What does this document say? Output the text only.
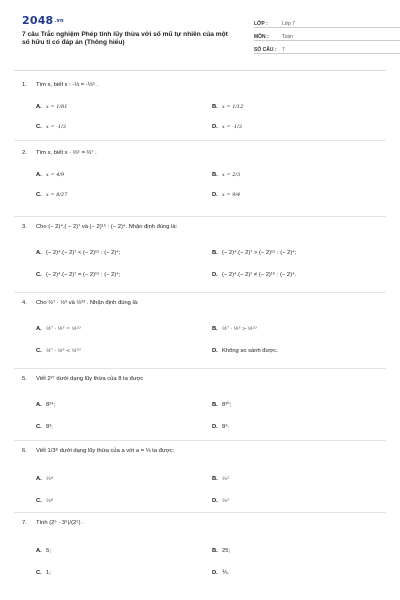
2048.vn
7 câu Trắc nghiệm Phép tính lũy thừa với số mũ tự nhiên của một số hữu tỉ có đáp án (Thông hiểu)
LỚP :	Lớp 7
MÔN :	Toán
SỐ CÂU :	7
1.	Tìm x, biết x : -⅓ = -⅓⁵ .
A. x = 1/81	B. x = 1/12
C. x = -1/3	D. x = -1/3
2.	Tìm x, biết x · ⅔⁵ = ⅔⁷ .
A. x = 4/9	B. x = 2/3
C. x = 8/27	D. x = 9/4
3.	Cho (− 2)⁴.( − 2)⁷ và (− 2)¹⁵ : (− 2)⁴. Nhận định đúng là:
A. (− 2)⁴.(− 2)⁷ < (− 2)¹⁵ : (− 2)⁴;	B. (− 2)⁴.(− 2)⁷ > (− 2)¹⁵ : (− 2)⁴;
C. (− 2)⁴.(− 2)⁷ = (− 2)¹⁵ : (− 2)⁴;	D. (− 2)⁴.(− 2)⁷ ≠ (− 2)¹⁵ : (− 2)⁴.
4.	Cho ½⁷ · ½³ và ½²³ . Nhận định đúng là:
A. ½⁷ · ½³ = ½²³	B. ½⁷ · ½³ > ½²³
C. ½⁷ · ½³ < ½²³	D. Không so sánh được.
5.	Viết 2²⁷ dưới dạng lũy thừa của 8 ta được
A. 8²⁴;	B. 8³⁰;
C. 8³;	D. 8⁹.
6.	Viết 1/3⁸ dưới dạng lũy thừa của a với a = ⅓ ta được:
A. ⅓⁴	B. ⅓²
C. ⅓⁸	D. ⅓⁵
7.	Tính (2⁵ · 3⁵)/(2⁵) .
A. 5;	B. 25;
C. 1;	D. ⅕.
